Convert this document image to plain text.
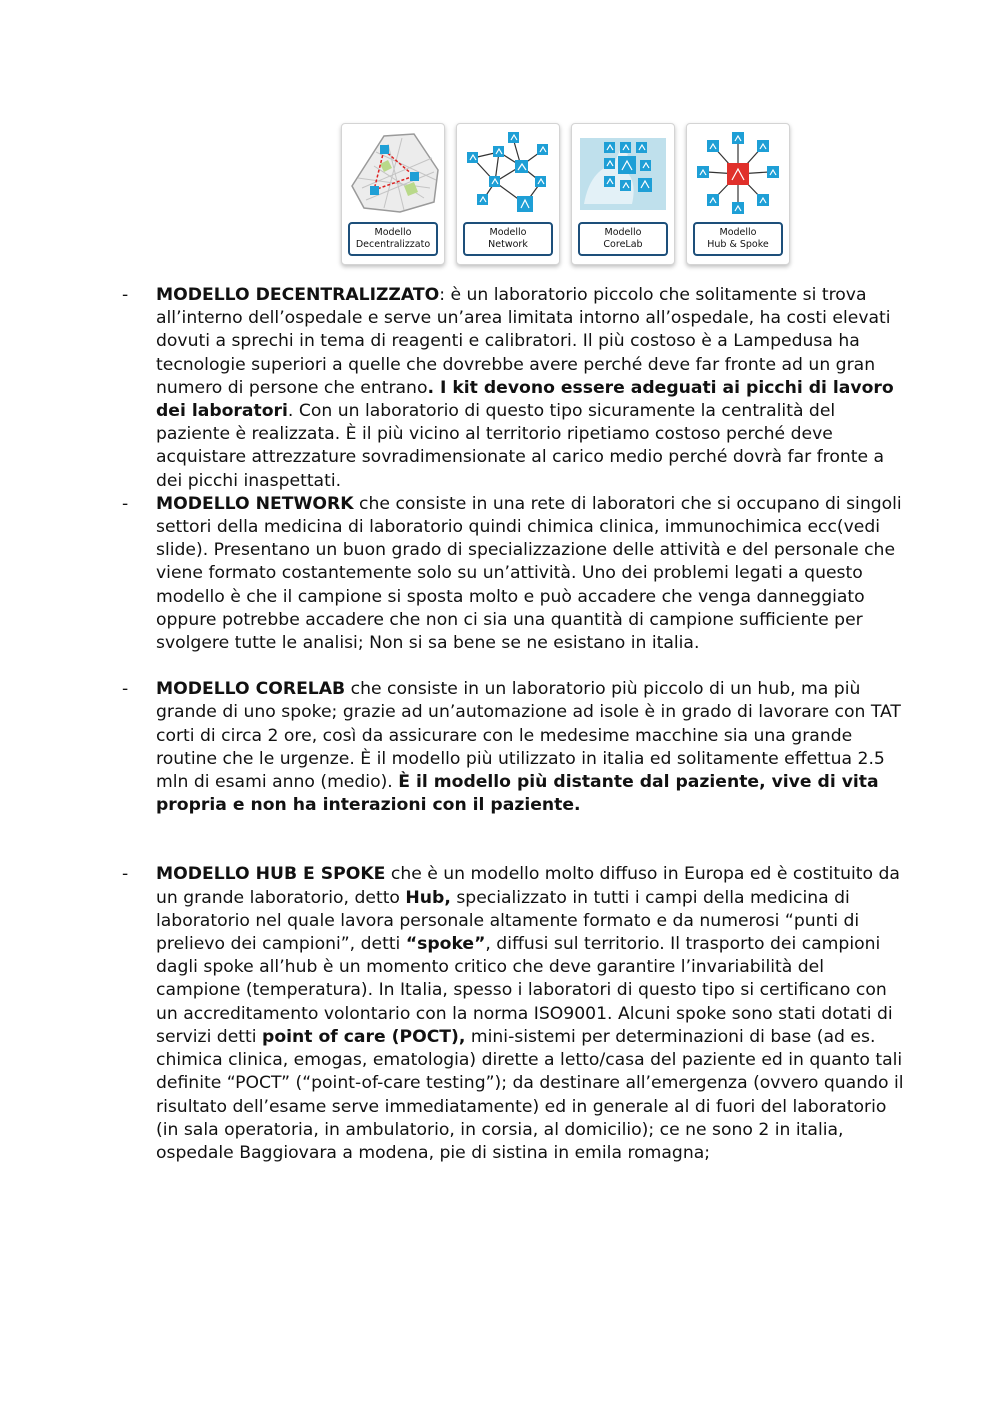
Modello
Decentralizzato
Modello
Network
Modello
CoreLab
Modello
Hub & Spoke
- MODELLO DECENTRALIZZATO: è un laboratorio piccolo che solitamente si trova all’interno dell’ospedale e serve un’area limitata intorno all’ospedale, ha costi elevati dovuti a sprechi in tema di reagenti e calibratori. Il più costoso è a Lampedusa ha tecnologie superiori a quelle che dovrebbe avere perché deve far fronte ad un gran numero di persone che entrano. I kit devono essere adeguati ai picchi di lavoro dei laboratori. Con un laboratorio di questo tipo sicuramente la centralità del paziente è realizzata. È il più vicino al territorio ripetiamo costoso perché deve acquistare attrezzature sovradimensionate al carico medio perché dovrà far fronte a dei picchi inaspettati.
- MODELLO NETWORK che consiste in una rete di laboratori che si occupano di singoli settori della medicina di laboratorio quindi chimica clinica, immunochimica ecc(vedi slide). Presentano un buon grado di specializzazione delle attività e del personale che viene formato costantemente solo su un’attività. Uno dei problemi legati a questo modello è che il campione si sposta molto e può accadere che venga danneggiato oppure potrebbe accadere che non ci sia una quantità di campione sufficiente per svolgere tutte le analisi; Non si sa bene se ne esistano in italia.
- MODELLO CORELAB che consiste in un laboratorio più piccolo di un hub, ma più grande di uno spoke; grazie ad un’automazione ad isole è in grado di lavorare con TAT corti di circa 2 ore, così da assicurare con le medesime macchine sia una grande routine che le urgenze. È il modello più utilizzato in italia ed solitamente effettua 2.5 mln di esami anno (medio). È il modello più distante dal paziente, vive di vita propria e non ha interazioni con il paziente.
- MODELLO HUB E SPOKE che è un modello molto diffuso in Europa ed è costituito da un grande laboratorio, detto Hub, specializzato in tutti i campi della medicina di laboratorio nel quale lavora personale altamente formato e da numerosi “punti di prelievo dei campioni”, detti “spoke”, diffusi sul territorio. Il trasporto dei campioni dagli spoke all’hub è un momento critico che deve garantire l’invariabilità del campione (temperatura). In Italia, spesso i laboratori di questo tipo si certificano con un accreditamento volontario con la norma ISO9001. Alcuni spoke sono stati dotati di servizi detti point of care (POCT), mini-sistemi per determinazioni di base (ad es. chimica clinica, emogas, ematologia) dirette a letto/casa del paziente ed in quanto tali definite “POCT” (“point-of-care testing”); da destinare all’emergenza (ovvero quando il risultato dell’esame serve immediatamente) ed in generale al di fuori del laboratorio (in sala operatoria, in ambulatorio, in corsia, al domicilio); ce ne sono 2 in italia, ospedale Baggiovara a modena, pie di sistina in emila romagna;
